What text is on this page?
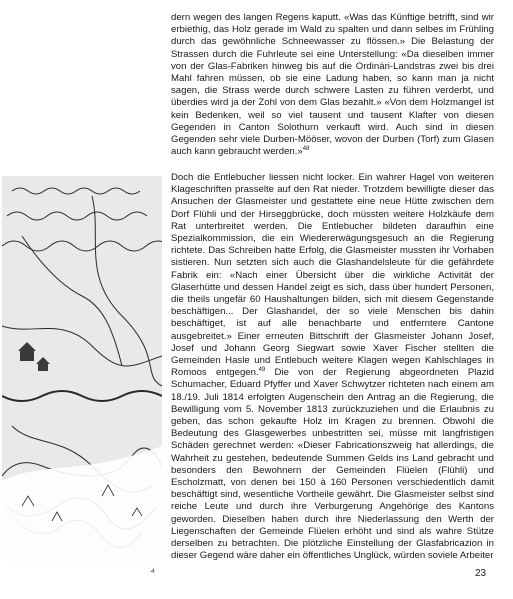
dern wegen des langen Regens kaputt. «Was das Künftige betrifft, sind wir erbiethig, das Holz gerade im Wald zu spalten und dann selbes im Frühling durch das gewöhnliche Schneewasser zu flössen.» Die Belastung der Strassen durch die Fuhrleute sei eine Unterstellung: «Da dieselben immer von der Glas-Fabriken hinweg bis auf die Ordinäri-Landstras zwei bis drei Mahl fahren müssen, ob sie eine Ladung haben, so kann man ja nicht sagen, die Strass werde durch schwere Lasten zu führen verderbt, und überdies wird ja der Zohl von dem Glas bezahlt.» «Von dem Holzmangel ist kein Bedenken, weil so viel tausent und tausent Klafter von diesen Gegenden in Canton Solothurn verkauft wird. Auch sind in diesen Gegenden sehr viele Durben-Mööser, wovon der Durben (Torf) zum Glasen auch kann gebraucht werden.»$^{48}$

Doch die Entlebucher liessen nicht locker. Ein wahrer Hagel von weiteren Klageschriften prasselte auf den Rat nieder. Trotzdem bewilligte dieser das Ansuchen der Glasmeister und gestattete eine neue Hütte zwischen dem Dorf Flühli und der Hirseggbrücke, doch müssten weitere Holzkäufe dem Rat unterbreitet werden. Die Entlebucher bildeten daraufhin eine Spezialkommission, die ein Wiedererwägungsgesuch an die Regierung richtete. Das Schreiben hatte Erfolg, die Glasmeister mussten ihr Vorhaben sistieren. Nun setzten sich auch die Glashandelsleute für die gefährdete Fabrik ein: «Nach einer Übersicht über die wirkliche Activität der Glaserhütte und dessen Handel zeigt es sich, dass über hundert Personen, die theils ungefär 60 Haushaltungen bilden, sich mit diesem Gegenstande beschäftigen... Der Glashandel, der so viele Menschen bis dahin beschäftiget, ist auf alle benachbarte und entferntere Cantone ausgebreitet.» Einer erneuten Bittschrift der Glasmeister Johann Josef, Josef und Johann Georg Siegwart sowie Xaver Fischer stellten die Gemeinden Hasle und Entlebuch weitere Klagen wegen Kahlschlages in Romoos entgegen.$^{49}$ Die von der Regierung abgeordneten Plazid Schumacher, Eduard Pfyffer und Xaver Schwytzer richteten nach einem am 18./19. Juli 1814 erfolgten Augenschein den Antrag an die Regierung, die Bewilligung vom 5. November 1813 zurückzuziehen und die Erlaubnis zu geben, das schon gekaufte Holz im Kragen zu brennen. Obwohl die Bedeutung des Glasgewerbes unbestritten sei, müsse mit langfristigen Schäden gerechnet werden: «Dieser Fabricationszweig hat allerdings, die Wahrheit zu gestehen, bedeutende Summen Gelds ins Land gebracht und besonders den Bewohnern der Gemeinden Flüelen (Flühli) und Escholzmatt, von denen bei 150 à 160 Personen verschiedentlich damit beschäftigt sind, wesentliche Vortheile gewährt. Die Glasmeister selbst sind reiche Leute und durch ihre Verburgerung Angehörige des Kantons geworden. Dieselben haben durch ihre Niederlassung den Werth der Liegenschaften der Gemeinde Flüelen erhöht und sind als wahre Stütze derselben zu betrachten. Die plötzliche Einstellung der Glasfabricazion in dieser Gegend wäre daher ein öffentliches Unglück, würden soviele Arbeiter

4	23
